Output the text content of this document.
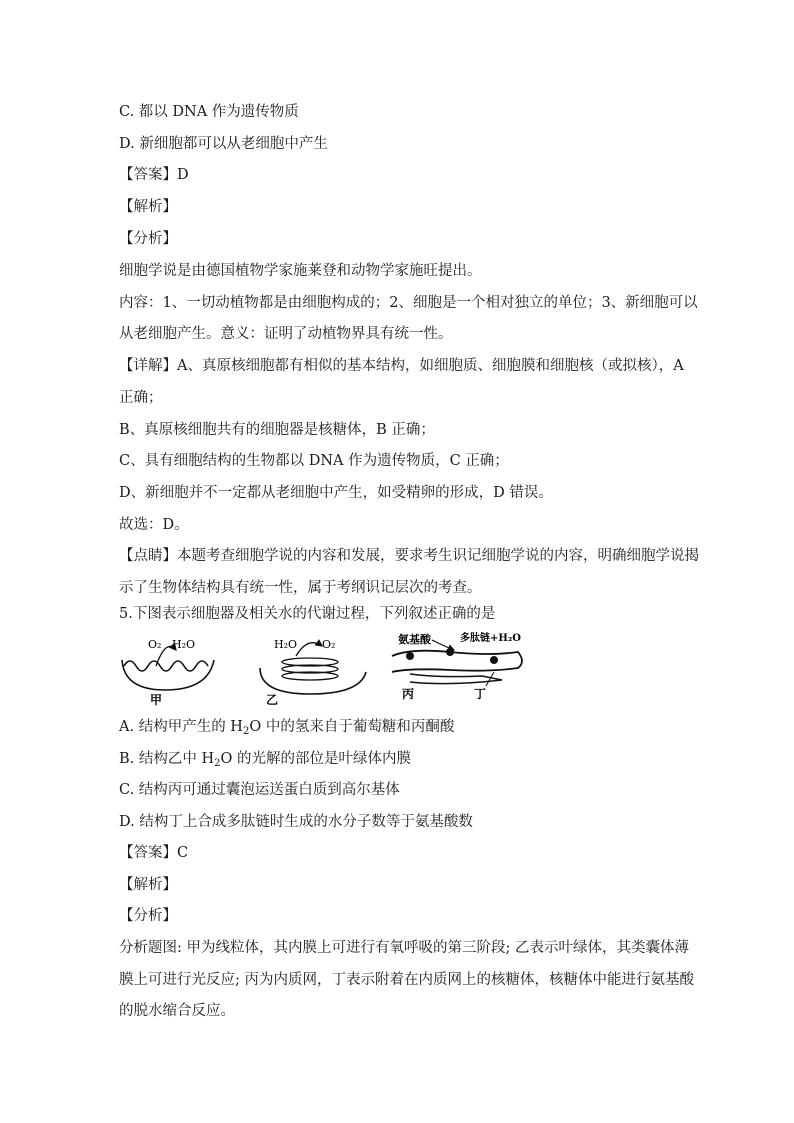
C. 都以 DNA 作为遗传物质
D. 新细胞都可以从老细胞中产生
【答案】D
【解析】
【分析】
细胞学说是由德国植物学家施莱登和动物学家施旺提出。
内容：1、一切动植物都是由细胞构成的；2、细胞是一个相对独立的单位；3、新细胞可以
从老细胞产生。意义：证明了动植物界具有统一性。
【详解】A、真原核细胞都有相似的基本结构，如细胞质、细胞膜和细胞核（或拟核），A
正确；
B、真原核细胞共有的细胞器是核糖体，B 正确；
C、具有细胞结构的生物都以 DNA 作为遗传物质，C 正确；
D、新细胞并不一定都从老细胞中产生，如受精卵的形成，D 错误。
故选：D。
【点睛】本题考查细胞学说的内容和发展，要求考生识记细胞学说的内容，明确细胞学说揭
示了生物体结构具有统一性，属于考纲识记层次的考查。
5.下图表示细胞器及相关水的代谢过程，下列叙述正确的是
O₂ H₂O
甲
H₂O O₂
乙
氨基酸	多肽链+H₂O
丙	丁
A. 结构甲产生的 $H_2O$ 中的氢来自于葡萄糖和丙酮酸
B. 结构乙中 $H_2O$ 的光解的部位是叶绿体内膜
C. 结构丙可通过囊泡运送蛋白质到高尔基体
D. 结构丁上合成多肽链时生成的水分子数等于氨基酸数
【答案】C
【解析】
【分析】
分析题图: 甲为线粒体，其内膜上可进行有氧呼吸的第三阶段; 乙表示叶绿体，其类囊体薄
膜上可进行光反应; 丙为内质网，丁表示附着在内质网上的核糖体，核糖体中能进行氨基酸
的脱水缩合反应。
